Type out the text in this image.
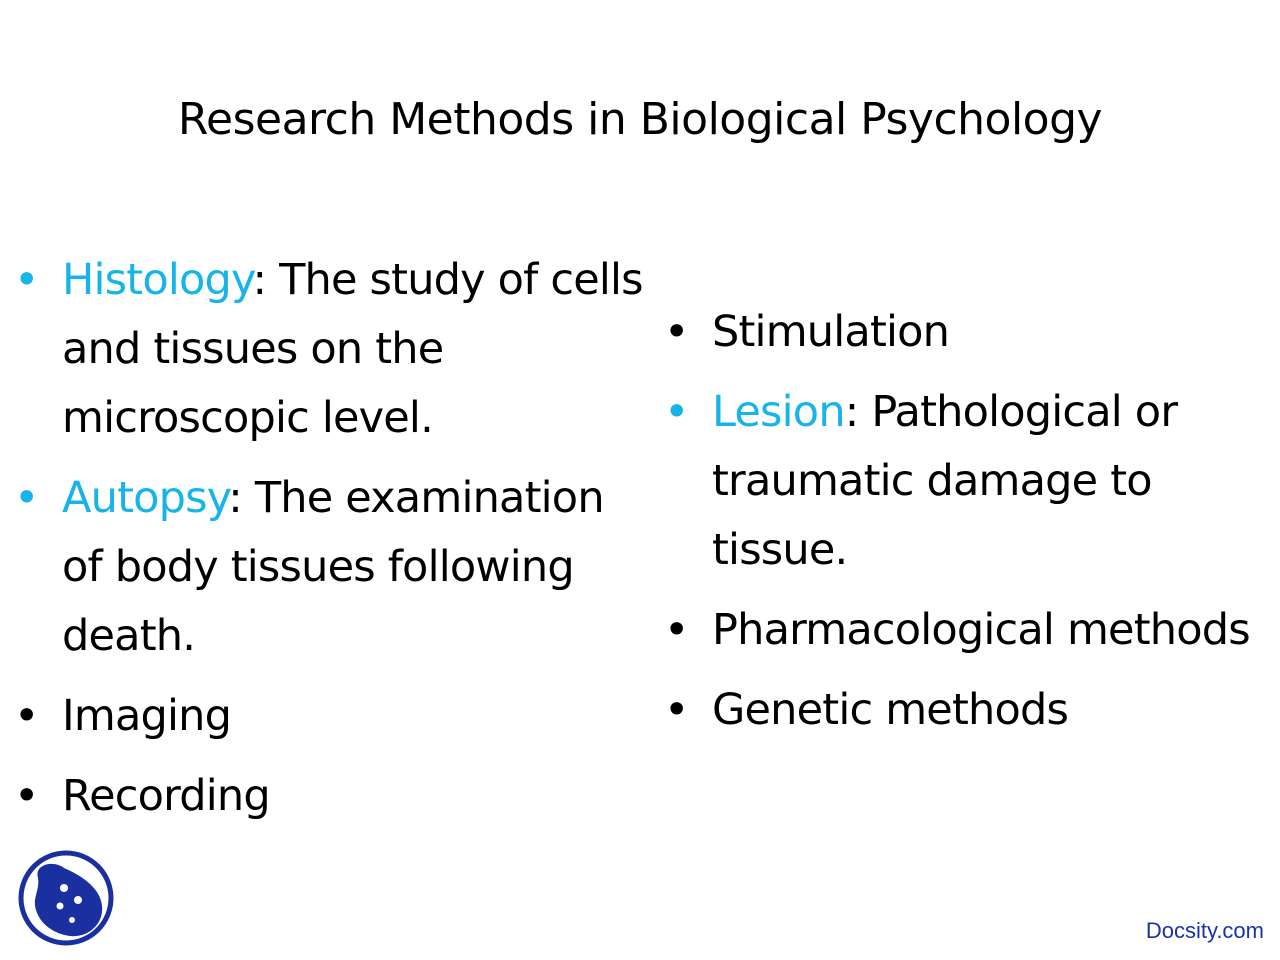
Research Methods in Biological Psychology
• Histology: The study of cells and tissues on the microscopic level.
• Autopsy: The examination of body tissues following death.
• Imaging
• Recording
• Stimulation
• Lesion: Pathological or traumatic damage to tissue.
• Pharmacological methods
• Genetic methods
Docsity.com
